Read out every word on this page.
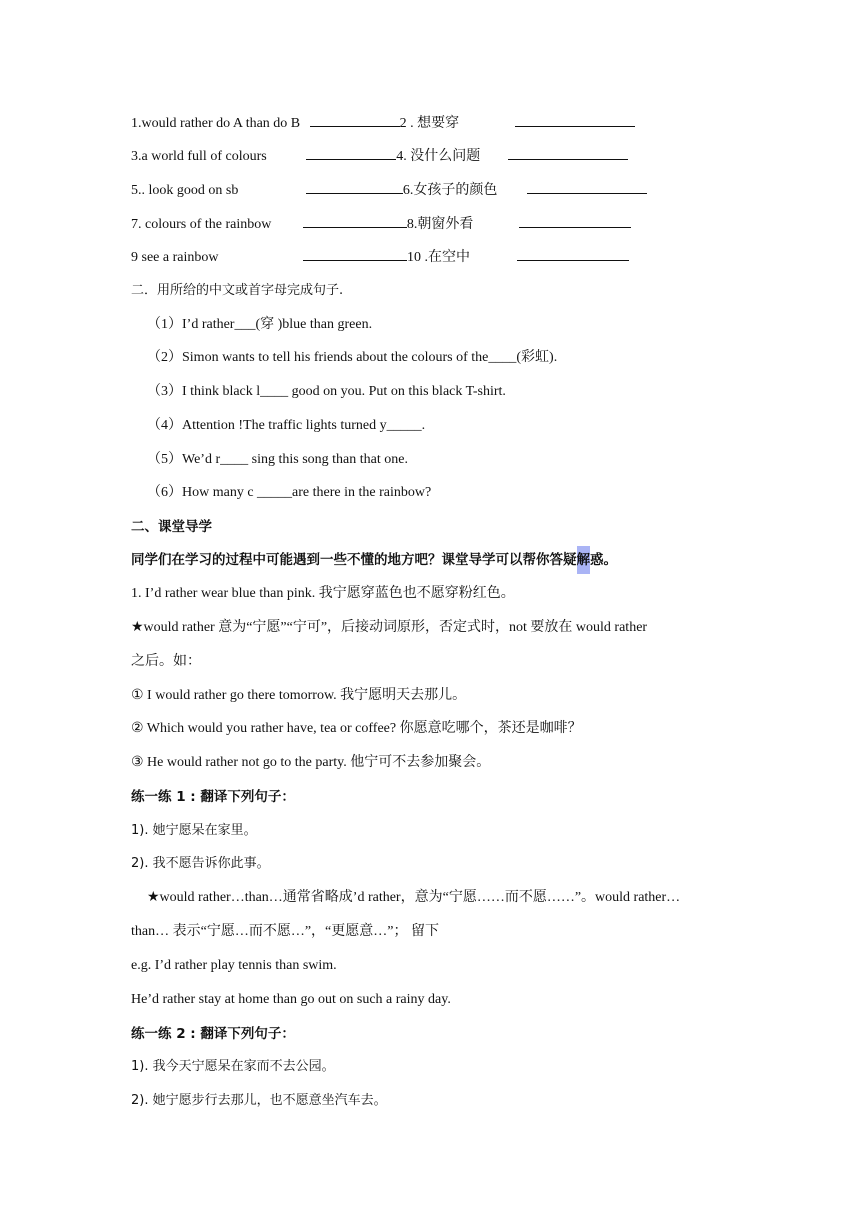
1.would rather do A than do B	2 . 想要穿
3.a world full of colours	4. 没什么问题
5.. look good on sb	6.女孩子的颜色
7. colours of the rainbow	8.朝窗外看
9 see a rainbow	10 .在空中
二．用所给的中文或首字母完成句子.
（1）I’d rather___(穿 )blue than green.
（2）Simon wants to tell his friends about the colours of the____(彩虹).
（3）I think black l____ good on you. Put on this black T-shirt.
（4）Attention !The traffic lights turned y_____.
（5）We’d r____ sing this song than that one.
（6）How many c _____are there in the rainbow?
二、课堂导学
同学们在学习的过程中可能遇到一些不懂的地方吧？课堂导学可以帮你答疑解惑。
1. I’d rather wear blue than pink. 我宁愿穿蓝色也不愿穿粉红色。
★would rather 意为“宁愿”“宁可”，后接动词原形，否定式时，not 要放在 would rather
之后。如：
① I would rather go there tomorrow. 我宁愿明天去那儿。
② Which would you rather have, tea or coffee? 你愿意吃哪个，茶还是咖啡？
③ He would rather not go to the party. 他宁可不去参加聚会。
练一练 1 : 翻译下列句子：
1). 她宁愿呆在家里。
2). 我不愿告诉你此事。
★would rather…than…通常省略成’d rather，意为“宁愿……而不愿……”。would rather…
than… 表示“宁愿…而不愿…”，“更愿意…”； 留下
e.g. I’d rather play tennis than swim.
He’d rather stay at home than go out on such a rainy day.
练一练 2 : 翻译下列句子：
1). 我今天宁愿呆在家而不去公园。
2). 她宁愿步行去那儿，也不愿意坐汽车去。
